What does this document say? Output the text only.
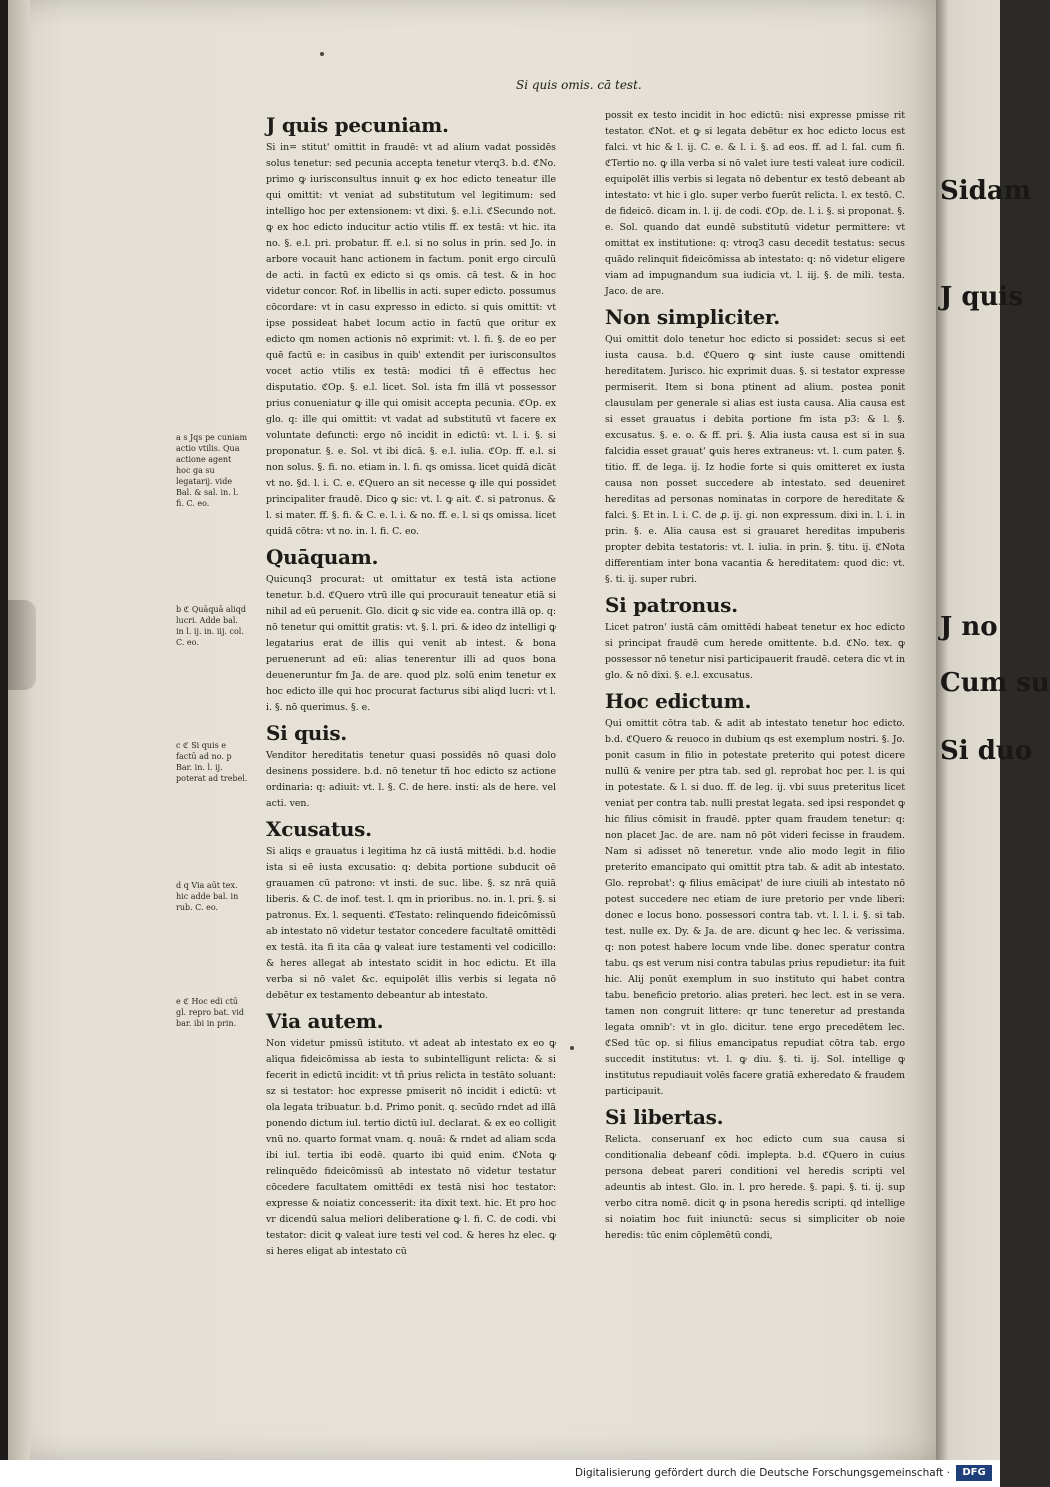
Si quis omis. cā test.
J quis pecuniam.

Si in= stitut' omittit in fraudē: vt ad alium vadat possidēs solus tenetur: sed pecunia accepta tenetur vterq3. b.d. ℭNo. primo ꝙ iurisconsultus innuit ꝙ ex hoc edicto teneatur ille qui omittit: vt veniat ad substitutum vel legitimum: sed intelligo hoc per extensionem: vt dixi. §. e.l.i. ℭSecundo not. ꝙ ex hoc edicto inducitur actio vtilis ff. ex testā: vt hic. ita no. §. e.l. pri. probatur. ff. e.l. si no solus in prin. sed Jo. in arbore vocauit hanc actionem in factum. ponit ergo circulū de acti. in factū ex edicto si qs omis. cā test. & in hoc videtur concor. Rof. in libellis in acti. super edicto. possumus cōcordare: vt in casu expresso in edicto. si quis omittit: vt ipse possideat habet locum actio in factū que oritur ex edicto qm nomen actionis nō exprimit: vt. l. fi. §. de eo per quē factū e: in casibus in quib' extendit per iurisconsultos vocet actio vtilis ex testā: modici tñ ē effectus hec disputatio. ℭOp. §. e.l. licet. Sol. ista fm illā vt possessor prius conueniatur ꝙ ille qui omisit accepta pecunia. ℭOp. ex glo. q: ille qui omittit: vt vadat ad substitutū vt facere ex voluntate defuncti: ergo nō incidit in edictū: vt. l. i. §. si proponatur. §. e. Sol. vt ibi dicā. §. e.l. iulia. ℭOp. ff. e.l. si non solus. §. fi. no. etiam in. l. fi. qs omissa. licet quidā dicāt vt no. §d. l. i. C. e. ℭQuero an sit necesse ꝙ ille qui possidet principaliter fraudē. Dico ꝙ sic: vt. l. ꝙ ait. ℭ. si patronus. & l. si mater. ff. §. fi. & C. e. l. i. & no. ff. e. l. si qs omissa. licet quidā cōtra: vt no. in. l. fi. C. eo.

Quāquam.

Quicunq3 procurat: ut omittatur ex testā ista actione tenetur. b.d. ℭQuero vtrū ille qui procurauit teneatur etiā si nihil ad eū peruenit. Glo. dicit ꝙ sic vide ea. contra illā op. q: nō tenetur qui omittit gratis: vt. §. l. pri. & ideo dz intelligi ꝙ legatarius erat de illis qui venit ab intest. & bona peruenerunt ad eū: alias tenerentur illi ad quos bona deueneruntur fm Ja. de are. quod plz. solū enim tenetur ex hoc edicto ille qui hoc procurat facturus sibi aliqd lucri: vt l. i. §. nō querimus. §. e.

Si quis.

Venditor hereditatis tenetur quasi possidēs nō quasi dolo desinens possidere. b.d. nō tenetur tñ hoc edicto sz actione ordinaria: q: adiuit: vt. l. §. C. de here. insti: als de here. vel acti. ven.

Xcusatus.

Si aliqs e grauatus i legitima hz cā iustā mittēdi. b.d. hodie ista si eē iusta excusatio: q: debita portione subducit oē grauamen cū patrono: vt insti. de suc. libe. §. sz nrā quiā liberis. & C. de inof. test. l. qm in prioribus. no. in. l. pri. §. si patronus. Ex. l. sequenti. ℭTestato: relinquendo fideicōmissū ab intestato nō videtur testator concedere facultatē omittēdi ex testā. ita fi ita cāa ꝙ valeat iure testamenti vel codicillo: & heres allegat ab intestato scidit in hoc edictu. Et illa verba si nō valet &c. equipolēt illis verbis si legata nō debētur ex testamento debeantur ab intestato.

Via autem.

Non videtur pmissū istituto. vt adeat ab intestato ex eo ꝙ aliqua fideicōmissa ab iesta to subintelligunt relicta: & si fecerit in edictū incidit: vt tñ prius relicta in testāto soluant: sz si testator: hoc expresse pmiserit nō incidit i edictū: vt ola legata tribuatur. b.d. Primo ponit. q. secūdo rndet ad illā ponendo dictum iul. tertio dictū iul. declarat. & ex eo colligit vnū no. quarto format vnam. q. nouā: & rndet ad aliam scda ibi iul. tertia ibi eodē. quarto ibi quid enim. ℭNota ꝙ relinquēdo fideicōmissū ab intestato nō videtur testatur cōcedere facultatem omittēdi ex testā nisi hoc testator: expresse & noiatiz concesserit: ita dixit text. hic. Et pro hoc vr dicendū salua meliori deliberatione ꝙ l. fi. C. de codi. vbi testator: dicit ꝙ valeat iure testi vel cod. & heres hz elec. ꝙ si heres eligat ab intestato cū

possit ex testo incidit in hoc edictū: nisi expresse pmisse rit testator. ℭNot. et ꝙ si legata debētur ex hoc edicto locus est falci. vt hic & l. ij. C. e. & l. i. §. ad eos. ff. ad l. fal. cum fi. ℭTertio no. ꝙ illa verba si nō valet iure testi valeat iure codicil. equipolēt illis verbis si legata nō debentur ex testō debeant ab intestato: vt hic i glo. super verbo fuerūt relicta. l. ex testō. C. de fideicō. dicam in. l. ij. de codi. ℭOp. de. l. i. §. si proponat. §. e. Sol. quando dat eundē substitutū videtur permittere: vt omittat ex institutione: q: vtroq3 casu decedit testatus: secus quādo relinquit fideicōmissa ab intestato: q: nō videtur eligere viam ad impugnandum sua iudicia vt. l. iij. §. de mili. testa. Jaco. de are.

Non simpliciter.

Qui omittit dolo tenetur hoc edicto si possidet: secus si eet iusta causa. b.d. ℭQuero ꝙ sint iuste cause omittendi hereditatem. Jurisco. hic exprimit duas. §. si testator expresse permiserit. Item si bona ptinent ad alium. postea ponit clausulam per generale si alias est iusta causa. Alia causa est si esset grauatus i debita portione fm ista p3: & l. §. excusatus. §. e. o. & ff. pri. §. Alia iusta causa est si in sua falcidia esset grauat' ꝙuis heres extraneus: vt. l. cum pater. §. titio. ff. de lega. ij. Iz hodie forte si quis omitteret ex iusta causa non posset succedere ab intestato. sed deueniret hereditas ad personas nominatas in corpore de hereditate & falci. §. Et in. l. i. C. de ꝓ. ij. gi. non expressum. dixi in. l. i. in prin. §. e. Alia causa est si grauaret hereditas impuberis propter debita testatoris: vt. l. iulia. in prin. §. titu. ij. ℭNota differentiam inter bona vacantia & hereditatem: quod dic: vt. §. ti. ij. super rubri.

Si patronus.

Licet patron' iustā cām omittēdi habeat tenetur ex hoc edicto si principat fraudē cum herede omittente. b.d. ℭNo. tex. ꝙ possessor nō tenetur nisi participauerit fraudē. cetera dic vt in glo. & nō dixi. §. e.l. excusatus.

Hoc edictum.

Qui omittit cōtra tab. & adit ab intestato tenetur hoc edicto. b.d. ℭQuero & reuoco in dubium qs est exemplum nostri. §. Jo. ponit casum in filio in potestate preterito qui potest dicere nullū & venire per ptra tab. sed gl. reprobat hoc per. l. is qui in potestate. & l. si duo. ff. de leg. ij. vbi suus preteritus licet veniat per contra tab. nulli prestat legata. sed ipsi respondet ꝙ hic filius cōmisit in fraudē. ppter quam fraudem tenetur: q: non placet Jac. de are. nam nō pōt videri fecisse in fraudem. Nam si adisset nō teneretur. vnde alio modo legit in filio preterito emancipato qui omittit ptra tab. & adit ab intestato. Glo. reprobat': ꝙ filius emācipat' de iure ciuili ab intestato nō potest succedere nec etiam de iure pretorio per vnde liberi: donec e locus bono. possessori contra tab. vt. l. l. i. §. si tab. test. nulle ex. Dy. & Ja. de are. dicunt ꝙ hec lec. & verissima. q: non potest habere locum vnde libe. donec speratur contra tabu. qs est verum nisi contra tabulas prius repudietur: ita fuit hic. Alij ponūt exemplum in suo instituto qui habet contra tabu. beneficio pretorio. alias preteri. hec lect. est in se vera. tamen non congruit littere: qr tunc teneretur ad prestanda legata omnib': vt in glo. dicitur. tene ergo precedētem lec. ℭSed tūc op. si filius emancipatus repudiat cōtra tab. ergo succedit institutus: vt. l. ꝙ diu. §. ti. ij. Sol. intellige ꝙ institutus repudiauit volēs facere gratiā exheredato & fraudem participauit.

Si libertas.

Relicta. conseruanf ex hoc edicto cum sua causa si conditionalia debeanf cōdi. implepta. b.d. ℭQuero in cuius persona debeat pareri conditioni vel heredis scripti vel adeuntis ab intest. Glo. in. l. pro herede. §. papi. §. ti. ij. sup verbo citra nomē. dicit ꝙ in psona heredis scripti. qd intellige si noiatim hoc fuit iniunctū: secus si simpliciter ob noie heredis: tūc enim cōplemētū condi,

a s Jqs pe cuniam actio vtilis. Qua actione agent hoc ga su legatarij. vide Bal. & sal. in. l. fi. C. eo.
b ℭ Quāquā aliqd lucri. Adde bal. in l. ij. in. iij. col. C. eo.
c ℭ Si quis e factū ad no. p Bar. in. l. ij. poterat ad trebel.
d q Via aūt tex. hic adde bal. in rub. C. eo.
e ℭ Hoc edi ctū gl. repro bat. vid bar. ibi in prin.
Sidam
J quis
J no
Cum su
Si duo
Digitalisierung gefördert durch die Deutsche Forschungsgemeinschaft ·	DFG
